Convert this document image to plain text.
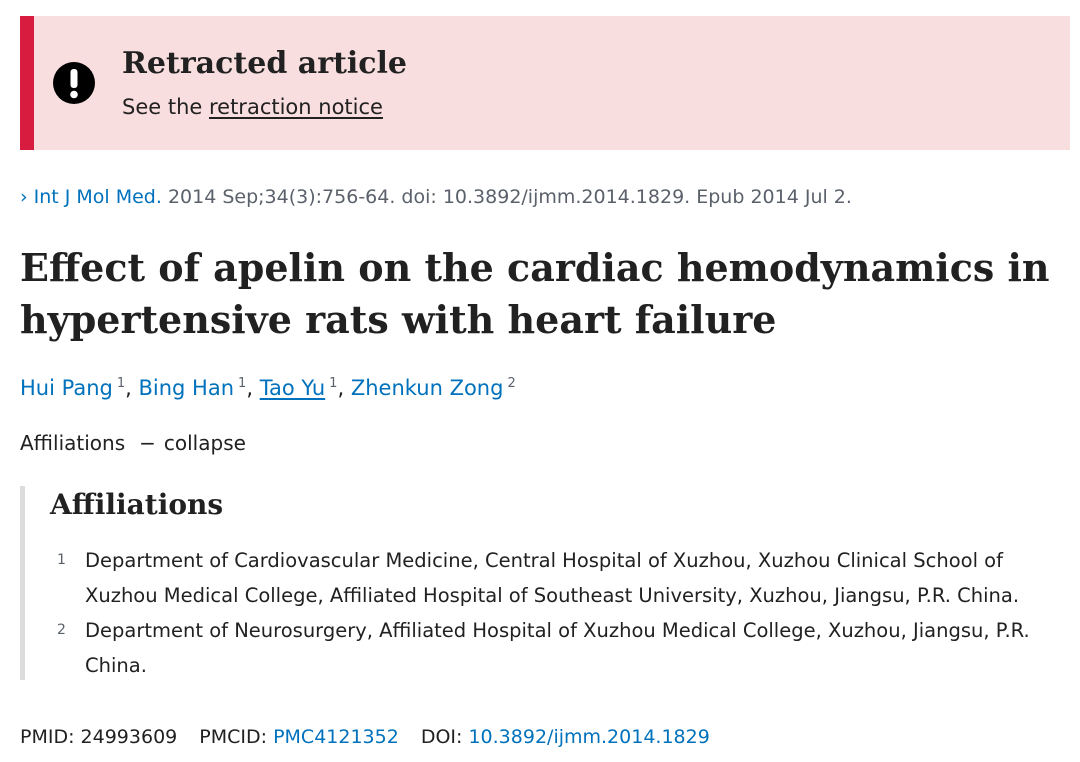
Retracted article
See the retraction notice
› Int J Mol Med. 2014 Sep;34(3):756-64. doi: 10.3892/ijmm.2014.1829. Epub 2014 Jul 2.
Effect of apelin on the cardiac hemodynamics in hypertensive rats with heart failure
Hui Pang $^1$, Bing Han $^1$, Tao Yu $^1$, Zhenkun Zong $^2$
Affiliations − collapse
Affiliations
1 Department of Cardiovascular Medicine, Central Hospital of Xuzhou, Xuzhou Clinical School of Xuzhou Medical College, Affiliated Hospital of Southeast University, Xuzhou, Jiangsu, P.R. China.
2 Department of Neurosurgery, Affiliated Hospital of Xuzhou Medical College, Xuzhou, Jiangsu, P.R. China.
PMID: 24993609 PMCID: PMC4121352 DOI: 10.3892/ijmm.2014.1829
